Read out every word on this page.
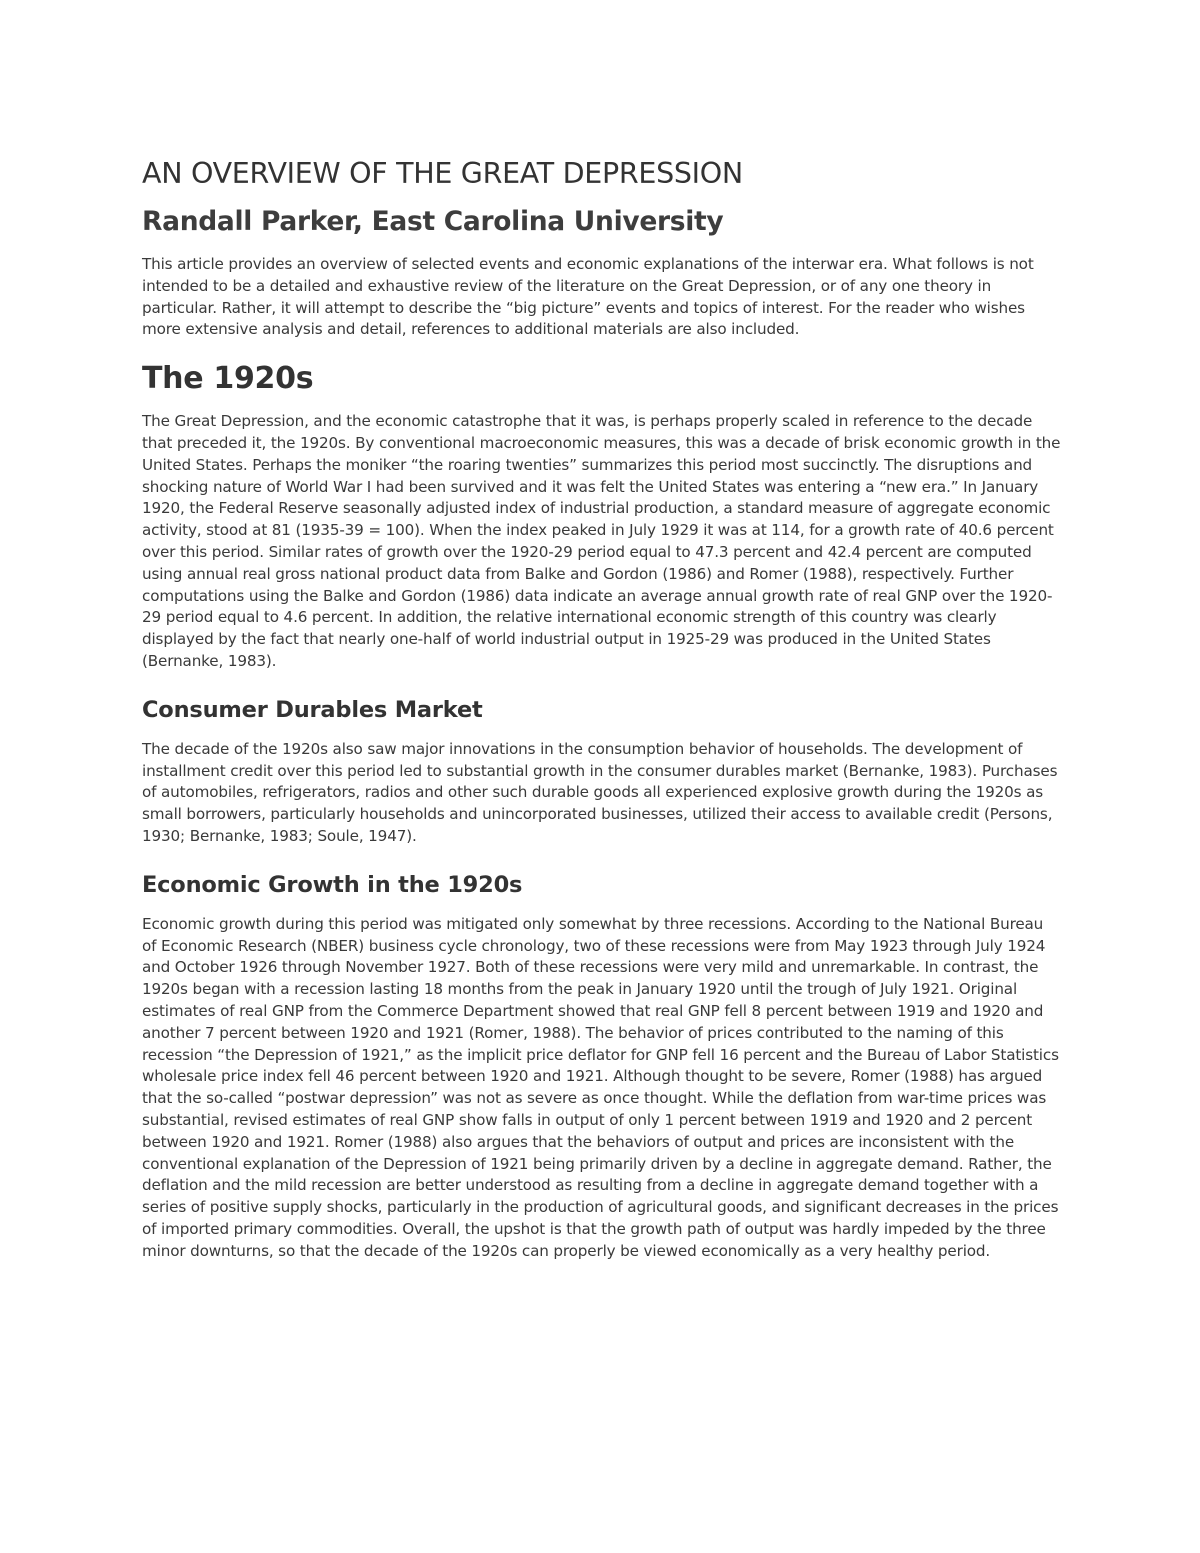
AN OVERVIEW OF THE GREAT DEPRESSION
Randall Parker, East Carolina University

This article provides an overview of selected events and economic explanations of the interwar era. What follows is not intended to be a detailed and exhaustive review of the literature on the Great Depression, or of any one theory in particular. Rather, it will attempt to describe the “big picture” events and topics of interest. For the reader who wishes more extensive analysis and detail, references to additional materials are also included.

The 1920s

The Great Depression, and the economic catastrophe that it was, is perhaps properly scaled in reference to the decade that preceded it, the 1920s. By conventional macroeconomic measures, this was a decade of brisk economic growth in the United States. Perhaps the moniker “the roaring twenties” summarizes this period most succinctly. The disruptions and shocking nature of World War I had been survived and it was felt the United States was entering a “new era.” In January 1920, the Federal Reserve seasonally adjusted index of industrial production, a standard measure of aggregate economic activity, stood at 81 (1935-39 = 100). When the index peaked in July 1929 it was at 114, for a growth rate of 40.6 percent over this period. Similar rates of growth over the 1920-29 period equal to 47.3 percent and 42.4 percent are computed using annual real gross national product data from Balke and Gordon (1986) and Romer (1988), respectively. Further computations using the Balke and Gordon (1986) data indicate an average annual growth rate of real GNP over the 1920-29 period equal to 4.6 percent. In addition, the relative international economic strength of this country was clearly displayed by the fact that nearly one-half of world industrial output in 1925-29 was produced in the United States (Bernanke, 1983).

Consumer Durables Market

The decade of the 1920s also saw major innovations in the consumption behavior of households. The development of installment credit over this period led to substantial growth in the consumer durables market (Bernanke, 1983). Purchases of automobiles, refrigerators, radios and other such durable goods all experienced explosive growth during the 1920s as small borrowers, particularly households and unincorporated businesses, utilized their access to available credit (Persons, 1930; Bernanke, 1983; Soule, 1947).

Economic Growth in the 1920s

Economic growth during this period was mitigated only somewhat by three recessions. According to the National Bureau of Economic Research (NBER) business cycle chronology, two of these recessions were from May 1923 through July 1924 and October 1926 through November 1927. Both of these recessions were very mild and unremarkable. In contrast, the 1920s began with a recession lasting 18 months from the peak in January 1920 until the trough of July 1921. Original estimates of real GNP from the Commerce Department showed that real GNP fell 8 percent between 1919 and 1920 and another 7 percent between 1920 and 1921 (Romer, 1988). The behavior of prices contributed to the naming of this recession “the Depression of 1921,” as the implicit price deflator for GNP fell 16 percent and the Bureau of Labor Statistics wholesale price index fell 46 percent between 1920 and 1921. Although thought to be severe, Romer (1988) has argued that the so-called “postwar depression” was not as severe as once thought. While the deflation from war-time prices was substantial, revised estimates of real GNP show falls in output of only 1 percent between 1919 and 1920 and 2 percent between 1920 and 1921. Romer (1988) also argues that the behaviors of output and prices are inconsistent with the conventional explanation of the Depression of 1921 being primarily driven by a decline in aggregate demand. Rather, the deflation and the mild recession are better understood as resulting from a decline in aggregate demand together with a series of positive supply shocks, particularly in the production of agricultural goods, and significant decreases in the prices of imported primary commodities. Overall, the upshot is that the growth path of output was hardly impeded by the three minor downturns, so that the decade of the 1920s can properly be viewed economically as a very healthy period.
